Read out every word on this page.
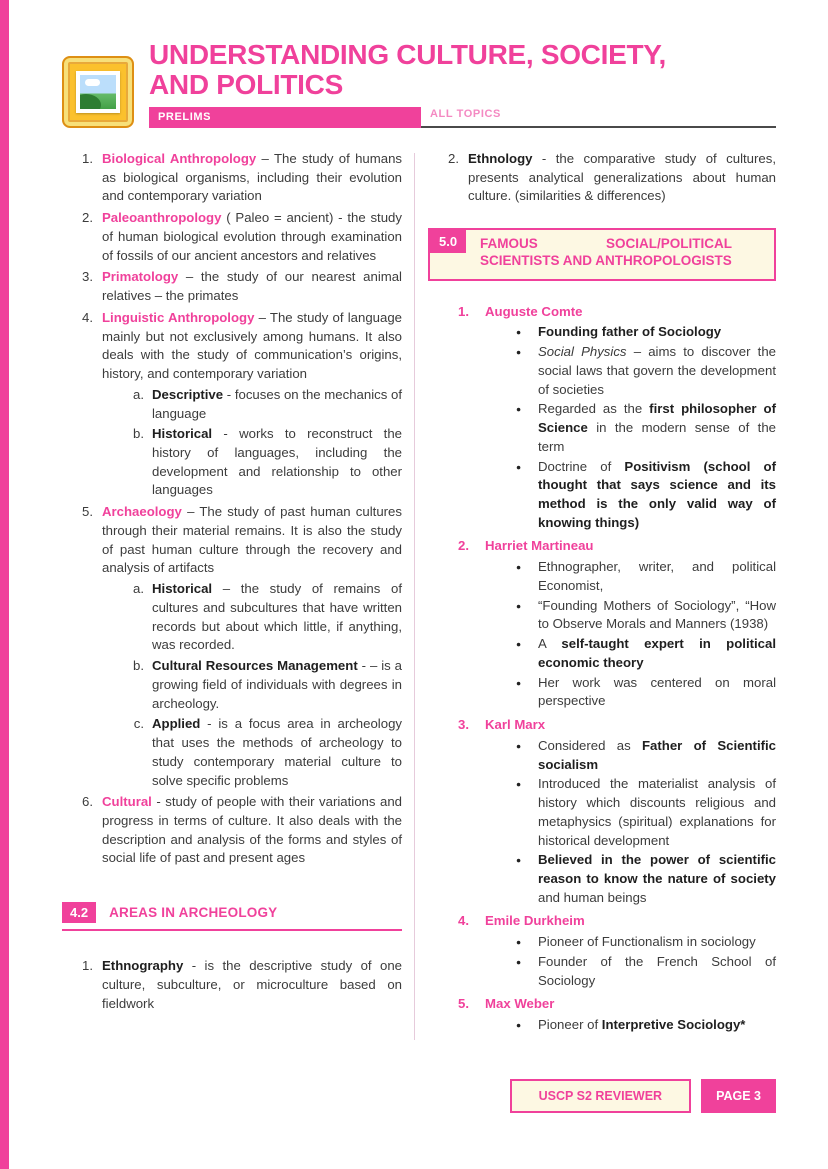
UNDERSTANDING CULTURE, SOCIETY,
AND POLITICS
PRELIMS	ALL TOPICS
1. Biological Anthropology – The study of humans as biological organisms, including their evolution and contemporary variation

2. Paleoanthropology ( Paleo = ancient) - the study of human biological evolution through examination of fossils of our ancient ancestors and relatives

3. Primatology – the study of our nearest animal relatives – the primates

4. Linguistic Anthropology – The study of language mainly but not exclusively among humans. It also deals with the study of communication’s origins, history, and contemporary variation

a. Descriptive - focuses on the mechanics of language

b. Historical - works to reconstruct the history of languages, including the development and relationship to other languages

5. Archaeology – The study of past human cultures through their material remains. It is also the study of past human culture through the recovery and analysis of artifacts

a. Historical – the study of remains of cultures and subcultures that have written records but about which little, if anything, was recorded.

b. Cultural Resources Management - – is a growing field of individuals with degrees in archeology.

c. Applied - is a focus area in archeology that uses the methods of archeology to study contemporary material culture to solve specific problems

6. Cultural - study of people with their variations and progress in terms of culture. It also deals with the description and analysis of the forms and styles of social life of past and present ages

4.2	AREAS IN ARCHEOLOGY
1. Ethnography - is the descriptive study of one culture, subculture, or microculture based on fieldwork

2. Ethnology - the comparative study of cultures, presents analytical generalizations about human culture. (similarities & differences)

5.0	FAMOUS SOCIAL/POLITICAL SCIENTISTS AND ANTHROPOLOGISTS
1.	Auguste Comte

● Founding father of Sociology

● Social Physics – aims to discover the social laws that govern the development of societies

● Regarded as the first philosopher of Science in the modern sense of the term

● Doctrine of Positivism (school of thought that says science and its method is the only valid way of knowing things)

2.	Harriet Martineau

● Ethnographer, writer, and political Economist,

● “Founding Mothers of Sociology”, “How to Observe Morals and Manners (1938)

● A self-taught expert in political economic theory

● Her work was centered on moral perspective

3.	Karl Marx

● Considered as Father of Scientific socialism

● Introduced the materialist analysis of history which discounts religious and metaphysics (spiritual) explanations for historical development

● Believed in the power of scientific reason to know the nature of society and human beings

4.	Emile Durkheim

● Pioneer of Functionalism in sociology

● Founder of the French School of Sociology

5.	Max Weber

● Pioneer of Interpretive Sociology*

USCP S2 REVIEWER	PAGE 3
